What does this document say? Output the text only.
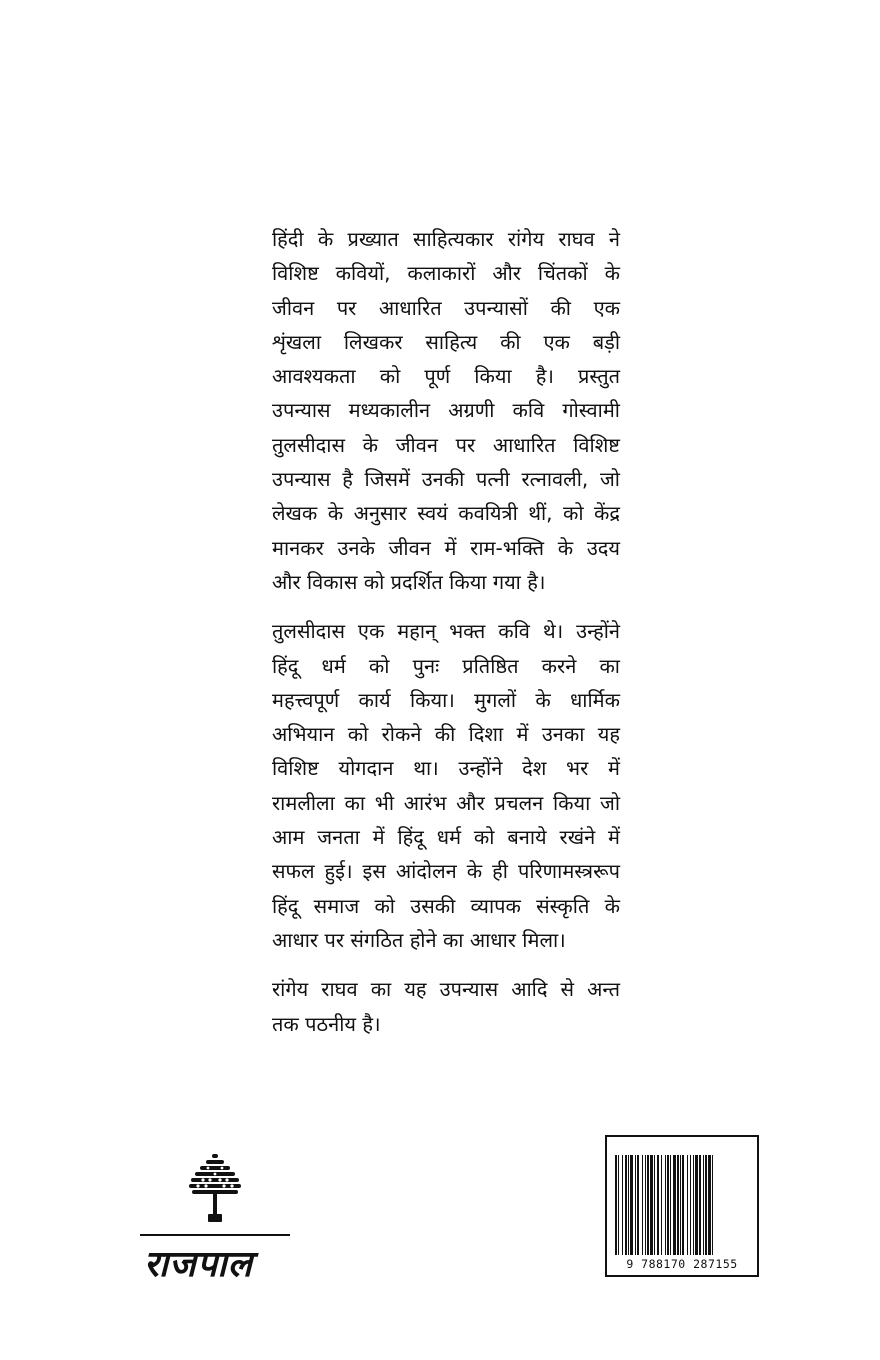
हिंदी के प्रख्यात साहित्यकार रांगेय राघव ने
विशिष्ट कवियों, कलाकारों और चिंतकों के
जीवन पर आधारित उपन्यासों की एक
शृंखला लिखकर साहित्य की एक बड़ी
आवश्यकता को पूर्ण किया है। प्रस्तुत
उपन्यास मध्यकालीन अग्रणी कवि गोस्वामी
तुलसीदास के जीवन पर आधारित विशिष्ट
उपन्यास है जिसमें उनकी पत्नी रत्नावली, जो
लेखक के अनुसार स्वयं कवयित्री थीं, को केंद्र
मानकर उनके जीवन में राम-भक्ति के उदय
और विकास को प्रदर्शित किया गया है।

तुलसीदास एक महान् भक्त कवि थे। उन्होंने
हिंदू धर्म को पुनः प्रतिष्ठित करने का
महत्त्वपूर्ण कार्य किया। मुगलों के धार्मिक
अभियान को रोकने की दिशा में उनका यह
विशिष्ट योगदान था। उन्होंने देश भर में
रामलीला का भी आरंभ और प्रचलन किया जो
आम जनता में हिंदू धर्म को बनाये रखंने में
सफल हुई। इस आंदोलन के ही परिणामस्त्ररूप
हिंदू समाज को उसकी व्यापक संस्कृति के
आधार पर संगठित होने का आधार मिला।

रांगेय राघव का यह उपन्यास आदि से अन्त
तक पठनीय है।

राजपाल	9 788170 287155
